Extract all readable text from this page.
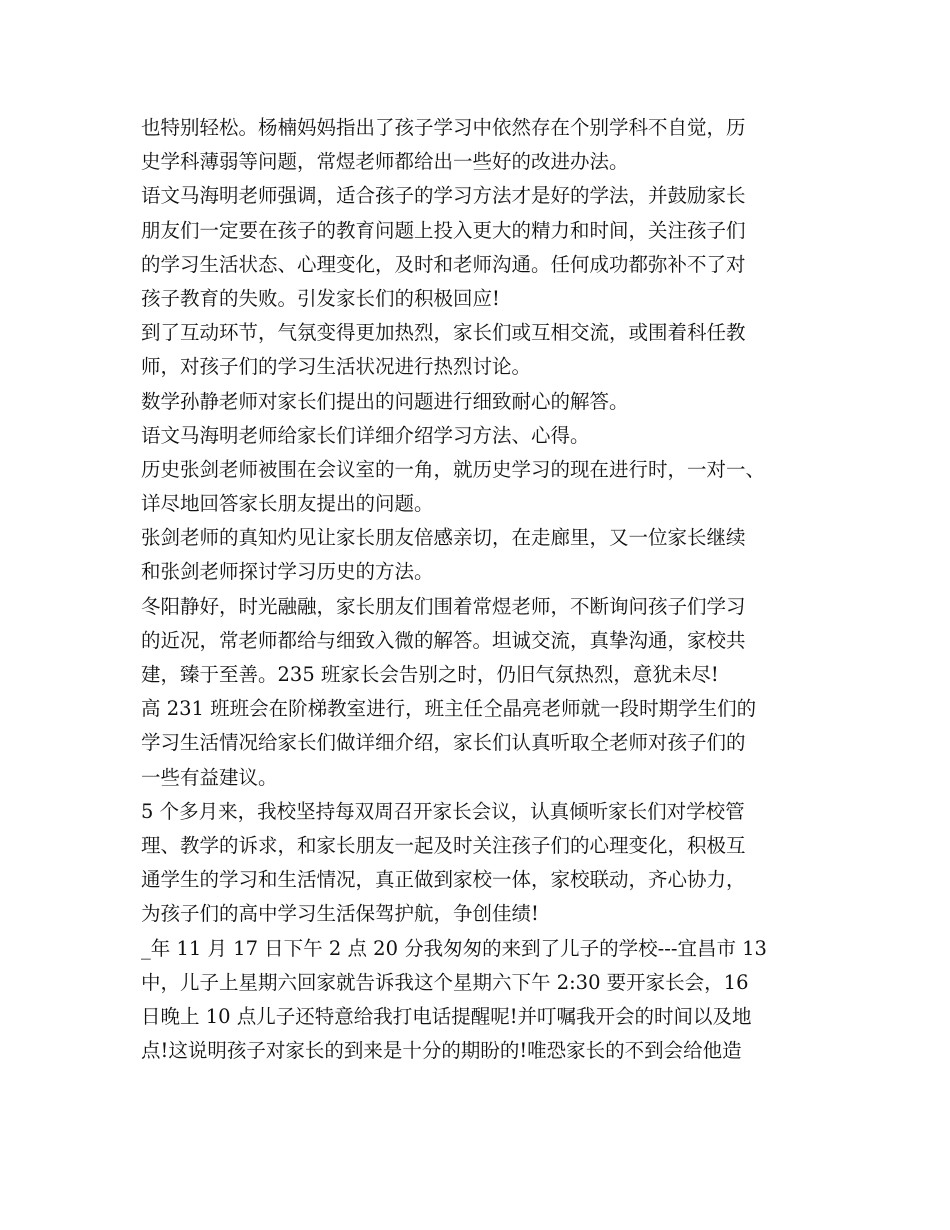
也特别轻松。杨楠妈妈指出了孩子学习中依然存在个别学科不自觉，历
史学科薄弱等问题，常煜老师都给出一些好的改进办法。
语文马海明老师强调，适合孩子的学习方法才是好的学法，并鼓励家长
朋友们一定要在孩子的教育问题上投入更大的精力和时间，关注孩子们
的学习生活状态、心理变化，及时和老师沟通。任何成功都弥补不了对
孩子教育的失败。引发家长们的积极回应!
到了互动环节，气氛变得更加热烈，家长们或互相交流，或围着科任教
师，对孩子们的学习生活状况进行热烈讨论。
数学孙静老师对家长们提出的问题进行细致耐心的解答。
语文马海明老师给家长们详细介绍学习方法、心得。
历史张剑老师被围在会议室的一角，就历史学习的现在进行时，一对一、
详尽地回答家长朋友提出的问题。
张剑老师的真知灼见让家长朋友倍感亲切，在走廊里，又一位家长继续
和张剑老师探讨学习历史的方法。
冬阳静好，时光融融，家长朋友们围着常煜老师，不断询问孩子们学习
的近况，常老师都给与细致入微的解答。坦诚交流，真挚沟通，家校共
建，臻于至善。235 班家长会告别之时，仍旧气氛热烈，意犹未尽!
高 231 班班会在阶梯教室进行，班主任仝晶亮老师就一段时期学生们的
学习生活情况给家长们做详细介绍，家长们认真听取仝老师对孩子们的
一些有益建议。
5 个多月来，我校坚持每双周召开家长会议，认真倾听家长们对学校管
理、教学的诉求，和家长朋友一起及时关注孩子们的心理变化，积极互
通学生的学习和生活情况，真正做到家校一体，家校联动，齐心协力，
为孩子们的高中学习生活保驾护航，争创佳绩!
_年 11 月 17 日下午 2 点 20 分我匆匆的来到了儿子的学校---宜昌市 13
中，儿子上星期六回家就告诉我这个星期六下午 2:30 要开家长会，16
日晚上 10 点儿子还特意给我打电话提醒呢!并叮嘱我开会的时间以及地
点!这说明孩子对家长的到来是十分的期盼的!唯恐家长的不到会给他造
